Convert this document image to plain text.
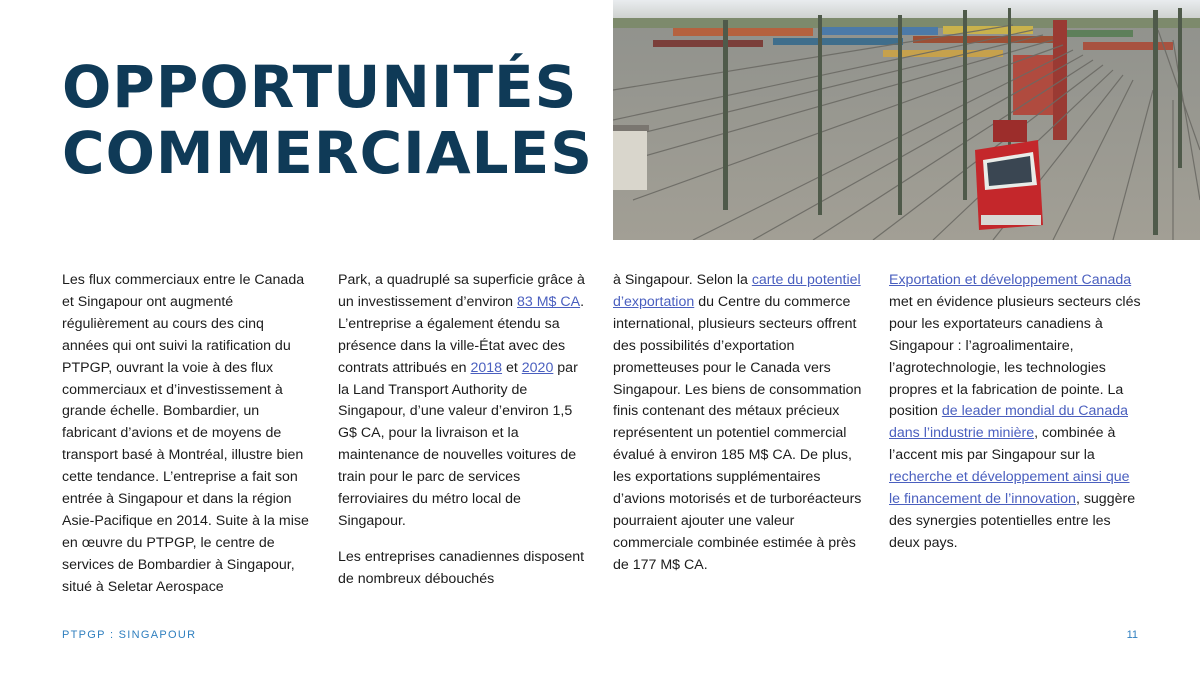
OPPORTUNITÉS
COMMERCIALES

Les flux commerciaux entre le Canada et Singapour ont augmenté régulièrement au cours des cinq années qui ont suivi la ratification du PTPGP, ouvrant la voie à des flux commerciaux et d’investissement à grande échelle. Bombardier, un fabricant d’avions et de moyens de transport basé à Montréal, illustre bien cette tendance. L’entreprise a fait son entrée à Singapour et dans la région Asie-Pacifique en 2014. Suite à la mise en œuvre du PTPGP, le centre de services de Bombardier à Singapour, situé à Seletar Aerospace

Park, a quadruplé sa superficie grâce à un investissement d’environ 83 M$ CA. L’entreprise a également étendu sa présence dans la ville-État avec des contrats attribués en 2018 et 2020 par la Land Transport Authority de Singapour, d’une valeur d’environ 1,5 G$ CA, pour la livraison et la maintenance de nouvelles voitures de train pour le parc de services ferroviaires du métro local de Singapour.

Les entreprises canadiennes disposent de nombreux débouchés

à Singapour. Selon la carte du potentiel d’exportation du Centre du commerce international, plusieurs secteurs offrent des possibilités d’exportation prometteuses pour le Canada vers Singapour. Les biens de consommation finis contenant des métaux précieux représentent un potentiel commercial évalué à environ 185 M$ CA. De plus, les exportations supplémentaires d’avions motorisés et de turboréacteurs pourraient ajouter une valeur commerciale combinée estimée à près de 177 M$ CA.

Exportation et développement Canada met en évidence plusieurs secteurs clés pour les exportateurs canadiens à Singapour : l’agroalimentaire, l’agrotechnologie, les technologies propres et la fabrication de pointe. La position de leader mondial du Canada dans l’industrie minière, combinée à l’accent mis par Singapour sur la recherche et développement ainsi que le financement de l’innovation, suggère des synergies potentielles entre les deux pays.

PTPGP : SINGAPOUR	11
